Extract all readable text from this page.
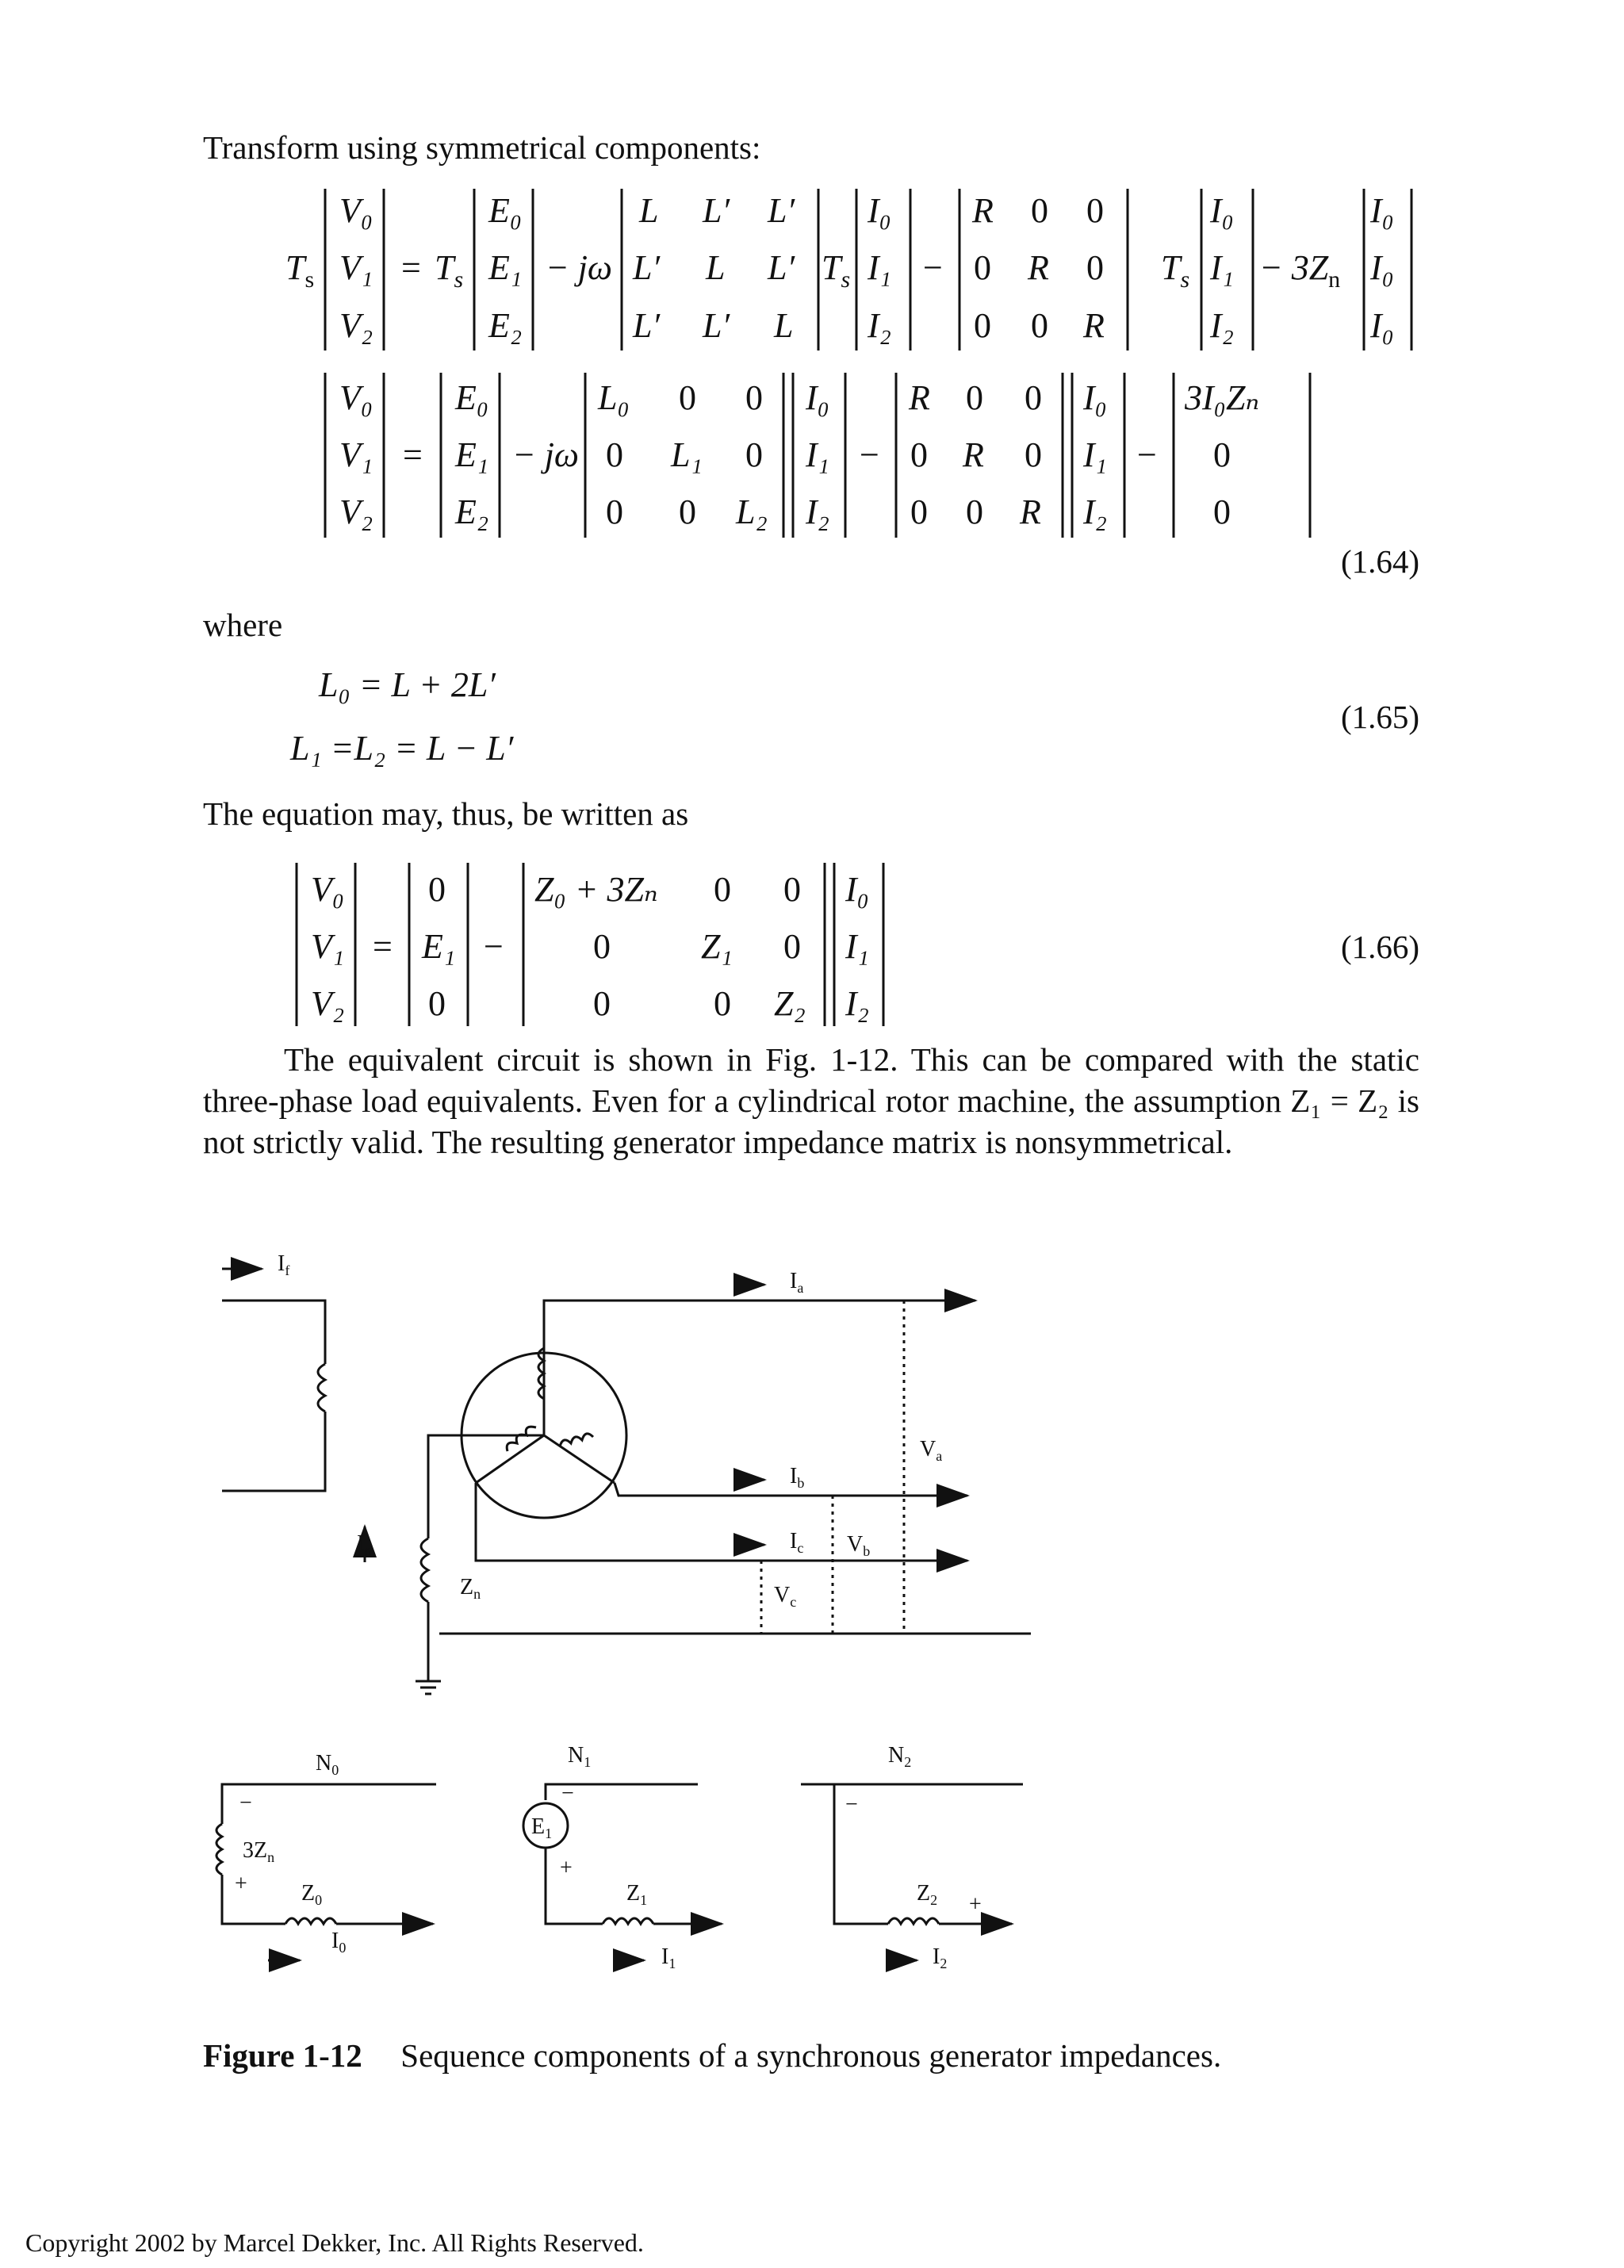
Transform using symmetrical components:
$T_s$
V₀
V₁
V₂
= $T_s$
E₀
E₁
E₂
− jω
L L′ L′
L′ L L′
L′ L′ L
$T_s$
I₀
I₁
I₂
−
R 0 0
0 R 0
0 0 R
$T_s$
I₀
I₁
I₂
− $3Z_n$
I₀
I₀
I₀
V₀
V₁
V₂
=
E₀
E₁
E₂
− jω
L₀ 0 0
0 L₁ 0
0 0 L₂
I₀
I₁
I₂
−
R 0 0
0 R 0
0 0 R
I₀
I₁
I₂
−
3I₀Zₙ
0
0
(1.64)
where
L₀ = L + 2L′
L₁ =L₂ = L − L′
(1.65)
The equation may, thus, be written as
V₀
V₁
V₂
=
0
E₁
0
−
Z₀ + 3Zₙ 0 0
0	Z₁ 0
0	0 Z₂
I₀
I₁
I₂
(1.66)
The equivalent circuit is shown in Fig. 1-12. This can be compared with the static three-phase load equivalents. Even for a cylindrical rotor machine, the assumption Z₁ = Z₂ is not strictly valid. The resulting generator impedance matrix is nonsymmetrical.
$I_f$	$I_a$
$I_b$
$I_c$
$V_a$
$V_b$
$V_c$
$I_n$
$Z_n$
$N_0$
$N_1$	$N_2$
$3Z_n$
$Z_0$	$Z_1$	$Z_2$
$I_0$	$I_1$	$I_2$
$E_1$
−
+
−
+
−
+
Figure 1-12 Sequence components of a synchronous generator impedances.
Copyright 2002 by Marcel Dekker, Inc. All Rights Reserved.
